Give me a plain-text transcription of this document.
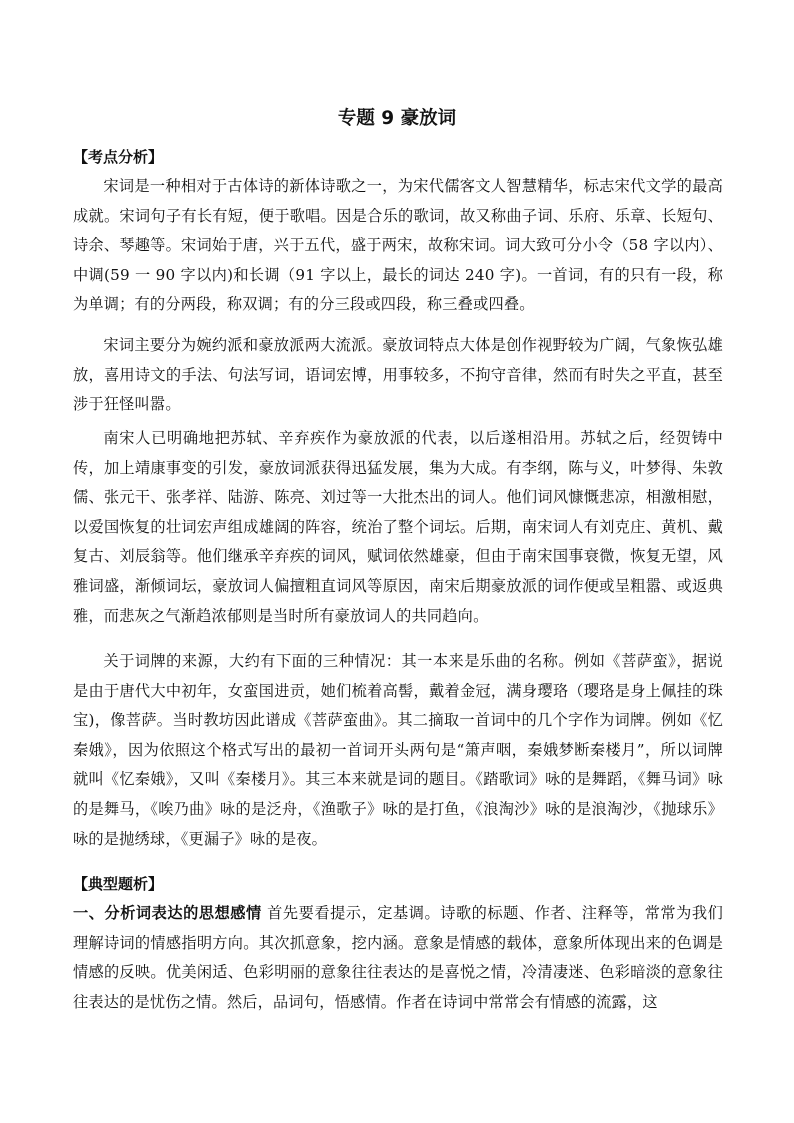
专题 9 豪放词
【考点分析】
宋词是一种相对于古体诗的新体诗歌之一，为宋代儒客文人智慧精华，标志宋代文学的最高成就。宋词句子有长有短，便于歌唱。因是合乐的歌词，故又称曲子词、乐府、乐章、长短句、诗余、琴趣等。宋词始于唐，兴于五代，盛于两宋，故称宋词。词大致可分小令（58 字以内）、中调(59 一 90 字以内)和长调（91 字以上，最长的词达 240 字)。一首词，有的只有一段，称为单调；有的分两段，称双调；有的分三段或四段，称三叠或四叠。
宋词主要分为婉约派和豪放派两大流派。豪放词特点大体是创作视野较为广阔，气象恢弘雄放，喜用诗文的手法、句法写词，语词宏博，用事较多，不拘守音律，然而有时失之平直，甚至涉于狂怪叫嚣。
南宋人已明确地把苏轼、辛弃疾作为豪放派的代表，以后遂相沿用。苏轼之后，经贺铸中传，加上靖康事变的引发，豪放词派获得迅猛发展，集为大成。有李纲，陈与义，叶梦得、朱敦儒、张元干、张孝祥、陆游、陈亮、刘过等一大批杰出的词人。他们词风慷慨悲凉，相激相慰，以爱国恢复的壮词宏声组成雄阔的阵容，统治了整个词坛。后期，南宋词人有刘克庄、黄机、戴复古、刘辰翁等。他们继承辛弃疾的词风，赋词依然雄豪，但由于南宋国事衰微，恢复无望，风雅词盛，渐倾词坛，豪放词人偏擅粗直词风等原因，南宋后期豪放派的词作便或呈粗嚣、或返典雅，而悲灰之气渐趋浓郁则是当时所有豪放词人的共同趋向。
关于词牌的来源，大约有下面的三种情况：其一本来是乐曲的名称。例如《菩萨蛮》，据说是由于唐代大中初年，女蛮国进贡，她们梳着高髻，戴着金冠，满身璎珞（璎珞是身上佩挂的珠宝)，像菩萨。当时教坊因此谱成《菩萨蛮曲》。其二摘取一首词中的几个字作为词牌。例如《忆秦娥》，因为依照这个格式写出的最初一首词开头两句是“箫声咽，秦娥梦断秦楼月”，所以词牌就叫《忆秦娥》，又叫《秦楼月》。其三本来就是词的题目。《踏歌词》咏的是舞蹈，《舞马词》咏的是舞马，《唉乃曲》咏的是泛舟，《渔歌子》咏的是打鱼，《浪淘沙》咏的是浪淘沙，《抛球乐》咏的是抛绣球，《更漏子》咏的是夜。
【典型题析】
一、分析词表达的思想感情 首先要看提示，定基调。诗歌的标题、作者、注释等，常常为我们理解诗词的情感指明方向。其次抓意象，挖内涵。意象是情感的载体，意象所体现出来的色调是情感的反映。优美闲适、色彩明丽的意象往往表达的是喜悦之情，冷清凄迷、色彩暗淡的意象往往表达的是忧伤之情。然后，品词句，悟感情。作者在诗词中常常会有情感的流露，这
